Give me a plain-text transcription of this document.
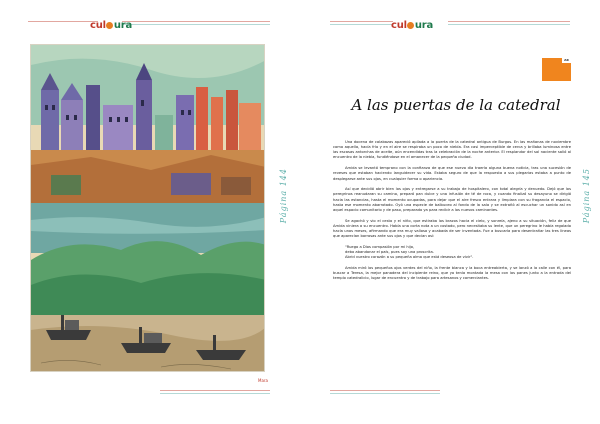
cul ura
Mara
Página 144
cul ura
AR
A las puertas de la catedral

Una docena de calabazas apareció apilada a la puerta de la catedral antigua de Burgos. En las mañanas de noviembre como aquella, hacía frío y en el aire se respiraba un poco de niebla. Era casi imperceptible de cerca y brillaba luminosa entre las escasas antorchas de aceite, aún encendidas tras la celebración de la noche anterior. El resplandor del sol naciente salió al encuentro de la niebla, fundiéndose en el amanecer de la pequeña ciudad.

Amida se levantó temprano con la confianza de que ese nuevo día traería alguna buena noticia, tras una sucesión de reveses que estaban haciendo languidecer su vida. Estaba seguro de que la respuesta a sus plegarias estaba a punto de desplegarse ante sus ojos, en cualquier forma o apariencia.

Así que decidió abrir bien los ojos y entregarse a su trabajo de hospitalero, con total alegría y denuedo. Dejó que los peregrinos reanudaran su camino, preparó pan dulce y una infusión de té de roca, y cuando finalizó su desayuno se dirigió hacia las estancias, hasta el momento ocupadas, para dejar que el aire fresco entrara y limpiara con su fragancia el espacio, hasta ese momento abarrotado. Oyó una especie de balbuceo al fondo de la sala y se extrañó al escuchar un sonido así en aquel espacio comunitario y de paso, preparado ya para recibir a los nuevos caminantes.

Se agachó y vio el cesto y el niño, que estiraba los brazos hacia el cielo, y sonreía, ajeno a su situación, feliz de que Amida viniera a su encuentro. Había una corta nota a un costado, pero necesitaba su lente, que un peregrino le había regalado hacía unos meses, afirmando que era muy valiosa y acabada de ser inventada. Fue a buscarla para desentrañar las tres líneas que aparecían borrosas ante sus ojos y que decían así:

"Ruego a Dios compasión por mi hijo,
debo abandonar el país, pues soy una proscrita.
Abrid vuestro corazón a su pequeña alma que está deseosa de vivir".

Amida miró los pequeños ojos verdes del niño, la frente blanca y la boca entreabierta, y se lanzó a la calle con él, para buscar a Teresa, la mejor panadera del incipiente reino, que yo tenía montada la mesa con los panes junto a la entrada del templo catedralicio, lugar de encuentro y de trabajo para artesanos y comerciantes.

Página 145
